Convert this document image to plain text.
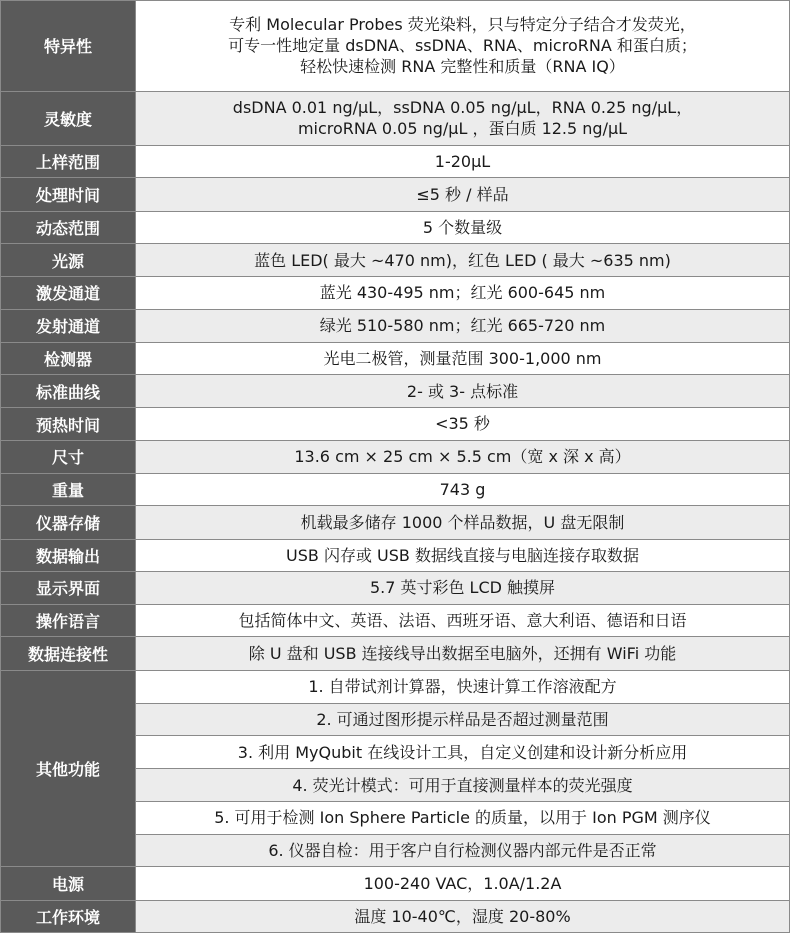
特异性	专利 Molecular Probes 荧光染料，只与特定分子结合才发荧光，
可专一性地定量 dsDNA、ssDNA、RNA、microRNA 和蛋白质；
轻松快速检测 RNA 完整性和质量（RNA IQ）

灵敏度	dsDNA 0.01 ng/μL，ssDNA 0.05 ng/μL，RNA 0.25 ng/μL，
microRNA 0.05 ng/μL ，蛋白质 12.5 ng/μL

上样范围	1-20μL

处理时间	≤5 秒 / 样品

动态范围	5 个数量级

光源	蓝色 LED( 最大 ~470 nm)，红色 LED ( 最大 ~635 nm)

激发通道	蓝光 430-495 nm；红光 600-645 nm

发射通道	绿光 510-580 nm；红光 665-720 nm

检测器	光电二极管，测量范围 300-1,000 nm

标准曲线	2- 或 3- 点标准

预热时间	<35 秒

尺寸	13.6 cm × 25 cm × 5.5 cm（宽 x 深 x 高）

重量	743 g

仪器存储	机载最多储存 1000 个样品数据，U 盘无限制

数据输出	USB 闪存或 USB 数据线直接与电脑连接存取数据

显示界面	5.7 英寸彩色 LCD 触摸屏

操作语言	包括简体中文、英语、法语、西班牙语、意大利语、德语和日语

数据连接性	除 U 盘和 USB 连接线导出数据至电脑外，还拥有 WiFi 功能

其他功能	1. 自带试剂计算器，快速计算工作溶液配方

	2. 可通过图形提示样品是否超过测量范围

	3. 利用 MyQubit 在线设计工具，自定义创建和设计新分析应用

	4. 荧光计模式：可用于直接测量样本的荧光强度

	5. 可用于检测 Ion Sphere Particle 的质量，以用于 Ion PGM 测序仪

	6. 仪器自检：用于客户自行检测仪器内部元件是否正常

电源	100-240 VAC，1.0A/1.2A

工作环境	温度 10-40℃，湿度 20-80%
